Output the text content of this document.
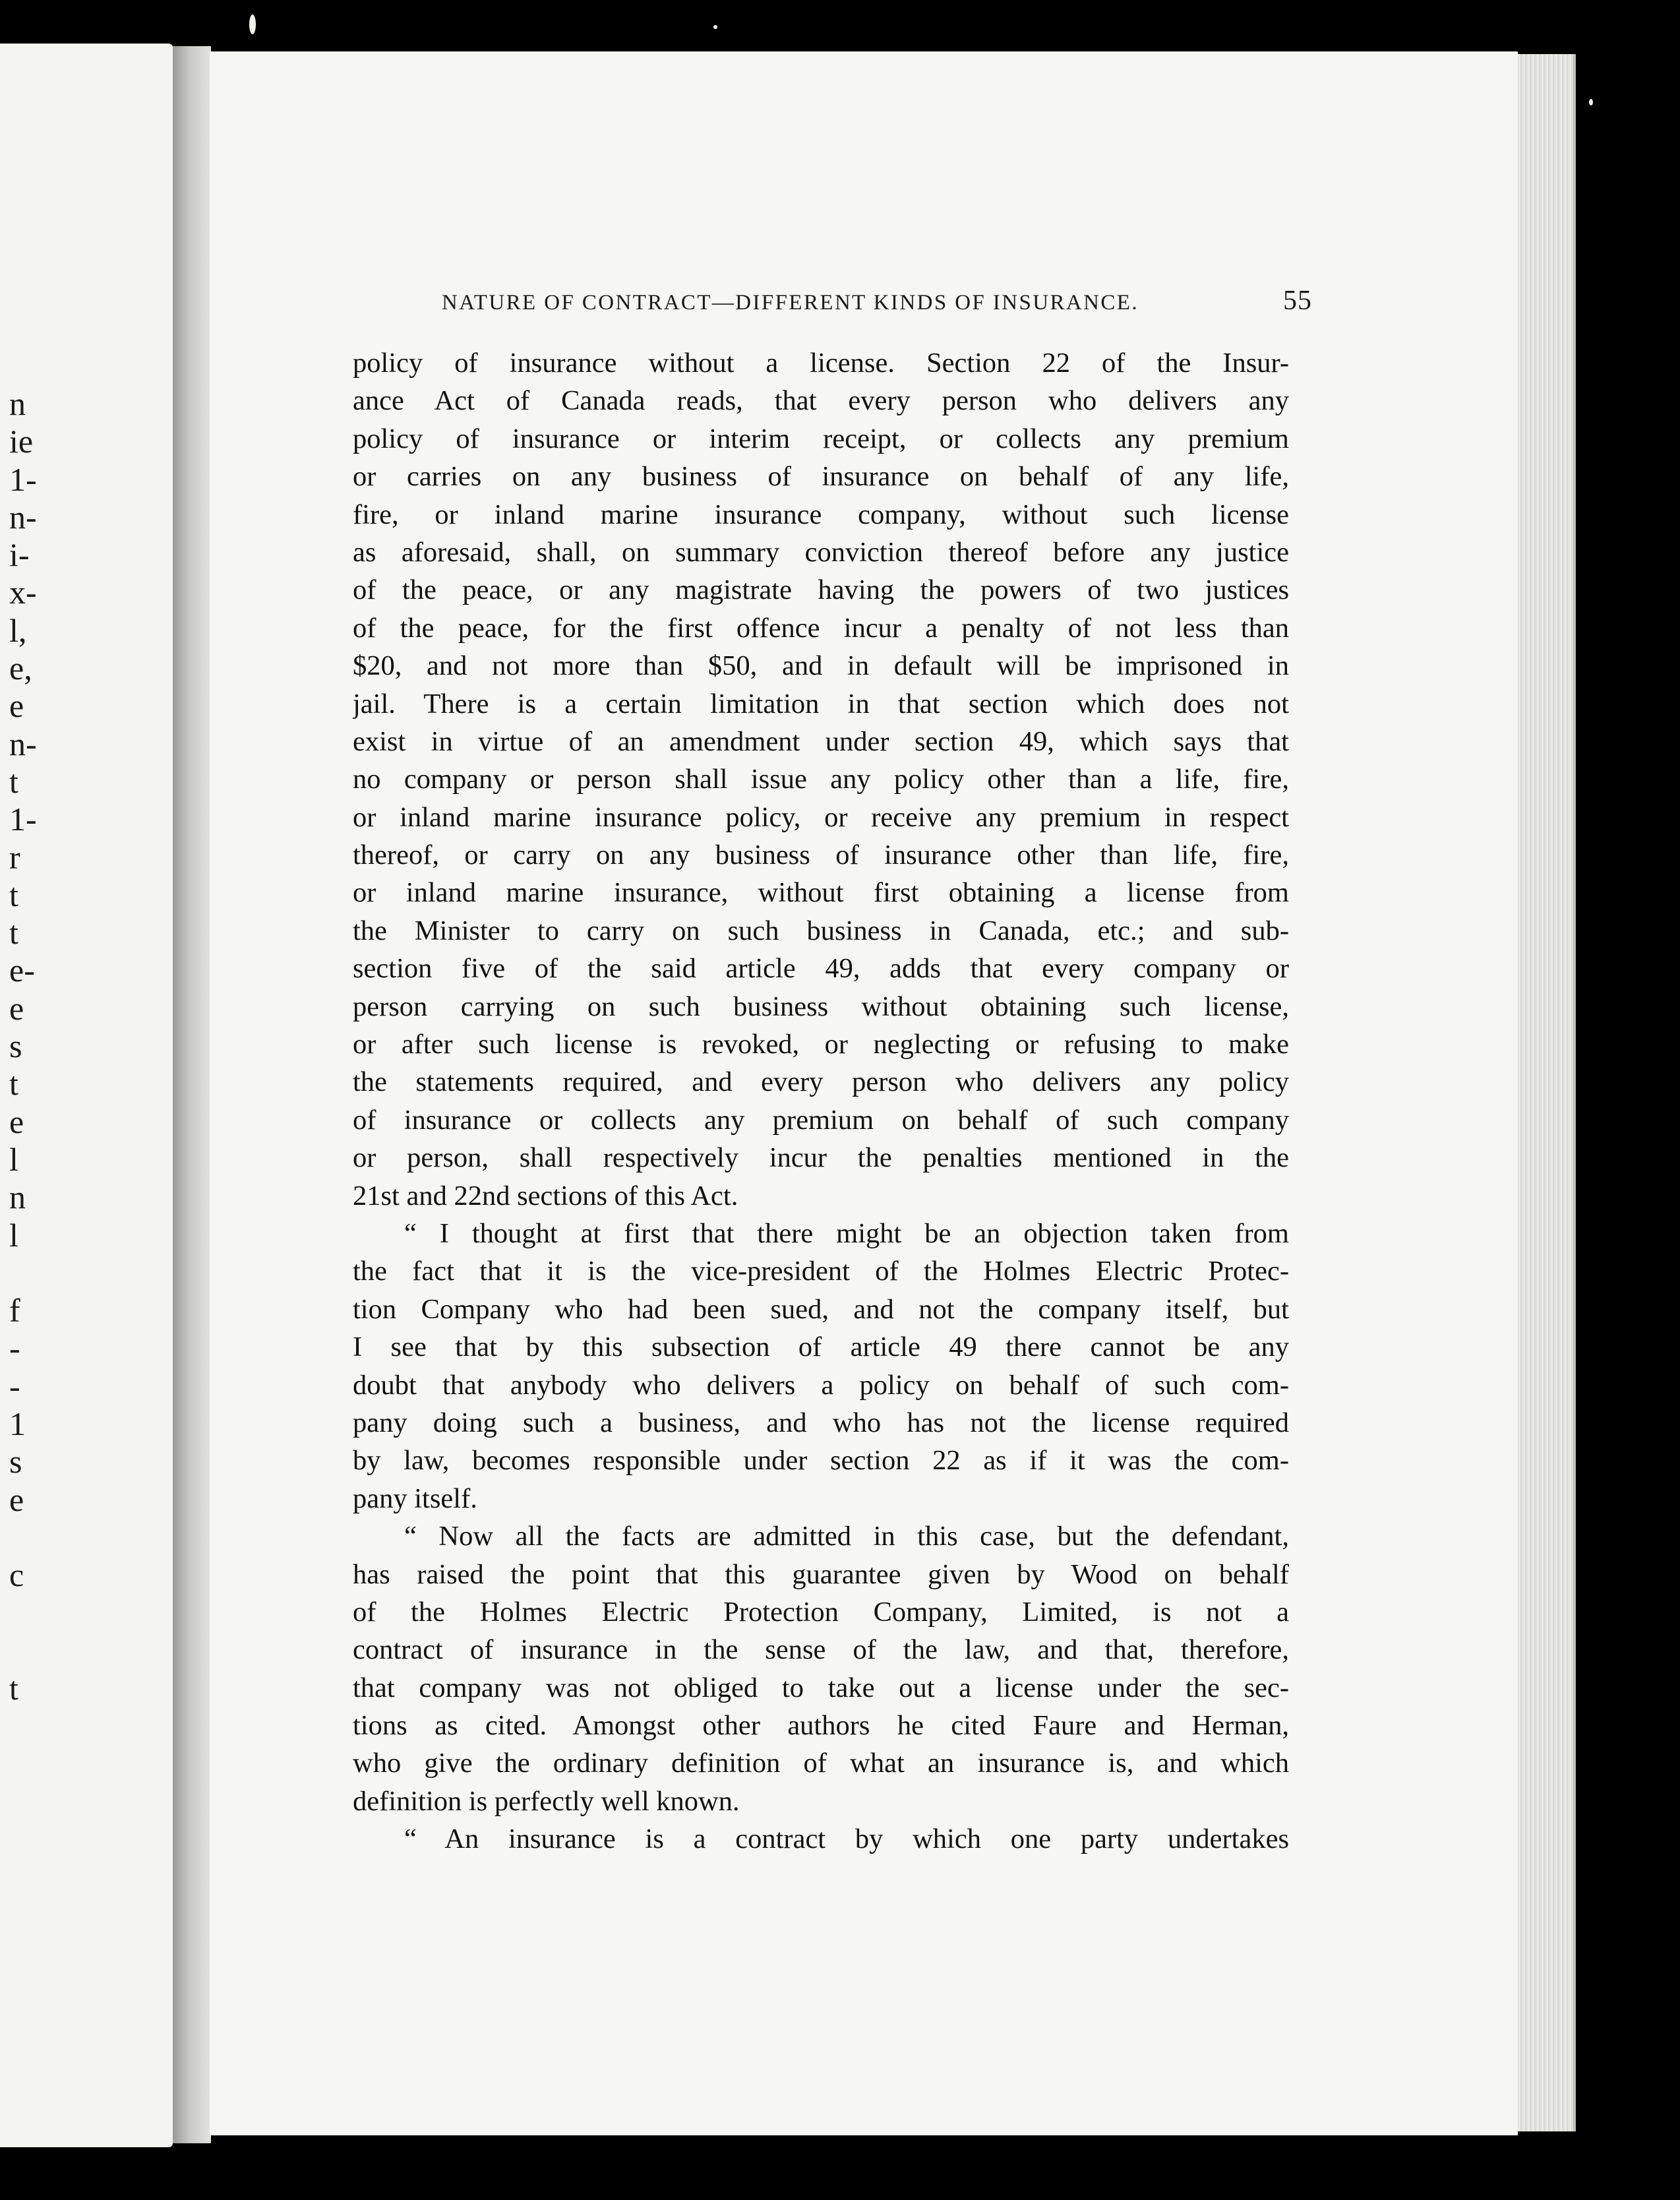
n
ie
1-
n-
i-
x-
l,
e,
e
n-
t
1-
r
t
t
e-
e
s
t
e
l
n
l
f
-
-
1
s
e
c
t
NATURE OF CONTRACT—DIFFERENT KINDS OF INSURANCE.	55
policy of insurance without a license. Section 22 of the Insur-
ance Act of Canada reads, that every person who delivers any
policy of insurance or interim receipt, or collects any premium
or carries on any business of insurance on behalf of any life,
fire, or inland marine insurance company, without such license
as aforesaid, shall, on summary conviction thereof before any justice
of the peace, or any magistrate having the powers of two justices
of the peace, for the first offence incur a penalty of not less than
$20, and not more than $50, and in default will be imprisoned in
jail. There is a certain limitation in that section which does not
exist in virtue of an amendment under section 49, which says that
no company or person shall issue any policy other than a life, fire,
or inland marine insurance policy, or receive any premium in respect
thereof, or carry on any business of insurance other than life, fire,
or inland marine insurance, without first obtaining a license from
the Minister to carry on such business in Canada, etc.; and sub-
section five of the said article 49, adds that every company or
person carrying on such business without obtaining such license,
or after such license is revoked, or neglecting or refusing to make
the statements required, and every person who delivers any policy
of insurance or collects any premium on behalf of such company
or person, shall respectively incur the penalties mentioned in the
21st and 22nd sections of this Act.
“ I thought at first that there might be an objection taken from
the fact that it is the vice-president of the Holmes Electric Protec-
tion Company who had been sued, and not the company itself, but
I see that by this subsection of article 49 there cannot be any
doubt that anybody who delivers a policy on behalf of such com-
pany doing such a business, and who has not the license required
by law, becomes responsible under section 22 as if it was the com-
pany itself.
“ Now all the facts are admitted in this case, but the defendant,
has raised the point that this guarantee given by Wood on behalf
of the Holmes Electric Protection Company, Limited, is not a
contract of insurance in the sense of the law, and that, therefore,
that company was not obliged to take out a license under the sec-
tions as cited. Amongst other authors he cited Faure and Herman,
who give the ordinary definition of what an insurance is, and which
definition is perfectly well known.
“ An insurance is a contract by which one party undertakes
